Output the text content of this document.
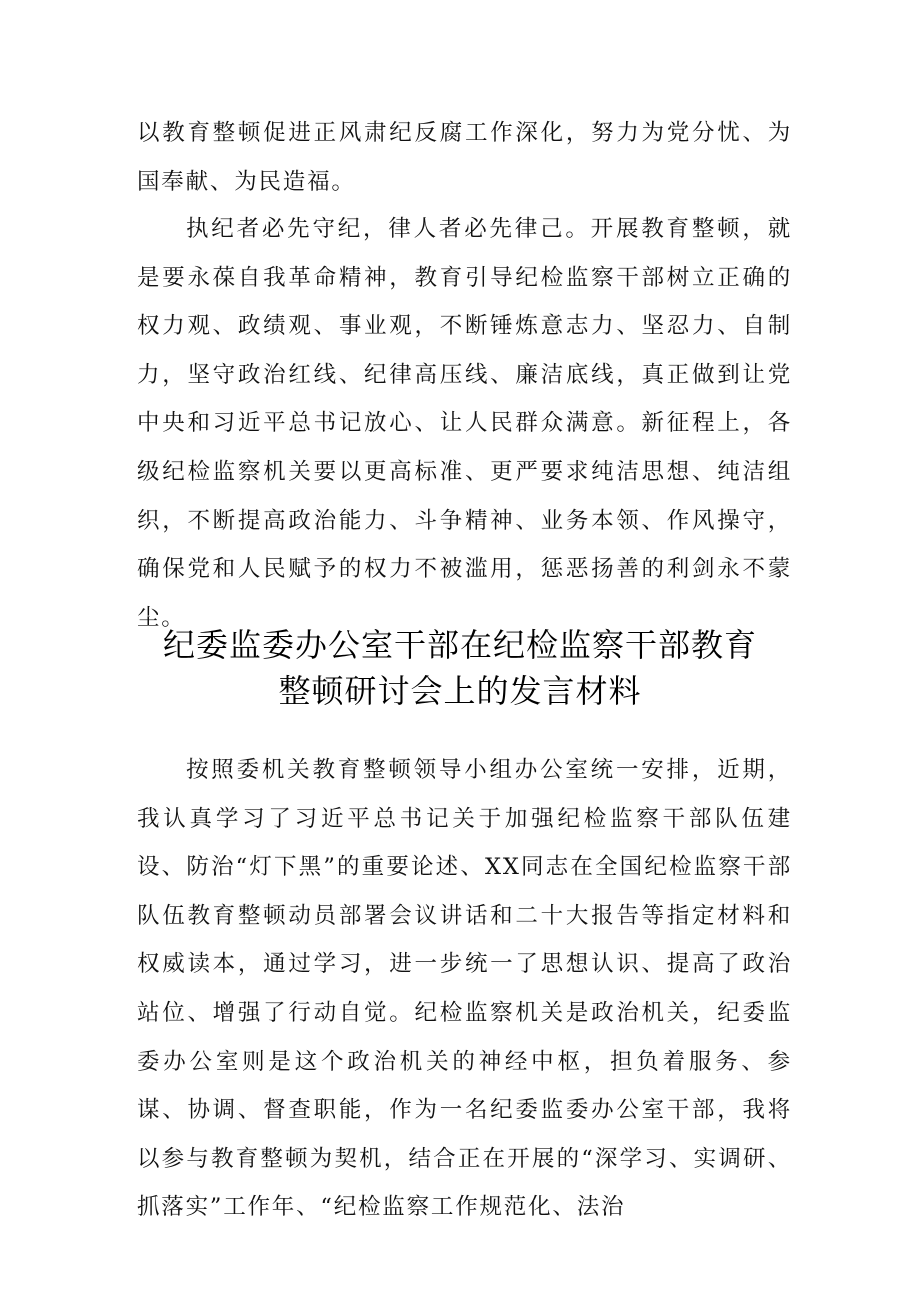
以教育整顿促进正风肃纪反腐工作深化，努力为党分忧、为国奉献、为民造福。

执纪者必先守纪，律人者必先律己。开展教育整顿，就是要永葆自我革命精神，教育引导纪检监察干部树立正确的权力观、政绩观、事业观，不断锤炼意志力、坚忍力、自制力，坚守政治红线、纪律高压线、廉洁底线，真正做到让党中央和习近平总书记放心、让人民群众满意。新征程上，各级纪检监察机关要以更高标准、更严要求纯洁思想、纯洁组织，不断提高政治能力、斗争精神、业务本领、作风操守，确保党和人民赋予的权力不被滥用，惩恶扬善的利剑永不蒙尘。

纪委监委办公室干部在纪检监察干部教育
整顿研讨会上的发言材料

按照委机关教育整顿领导小组办公室统一安排，近期，我认真学习了习近平总书记关于加强纪检监察干部队伍建设、防治“灯下黑”的重要论述、XX同志在全国纪检监察干部队伍教育整顿动员部署会议讲话和二十大报告等指定材料和权威读本，通过学习，进一步统一了思想认识、提高了政治站位、增强了行动自觉。纪检监察机关是政治机关，纪委监委办公室则是这个政治机关的神经中枢，担负着服务、参谋、协调、督查职能，作为一名纪委监委办公室干部，我将以参与教育整顿为契机，结合正在开展的“深学习、实调研、抓落实”工作年、“纪检监察工作规范化、法治
